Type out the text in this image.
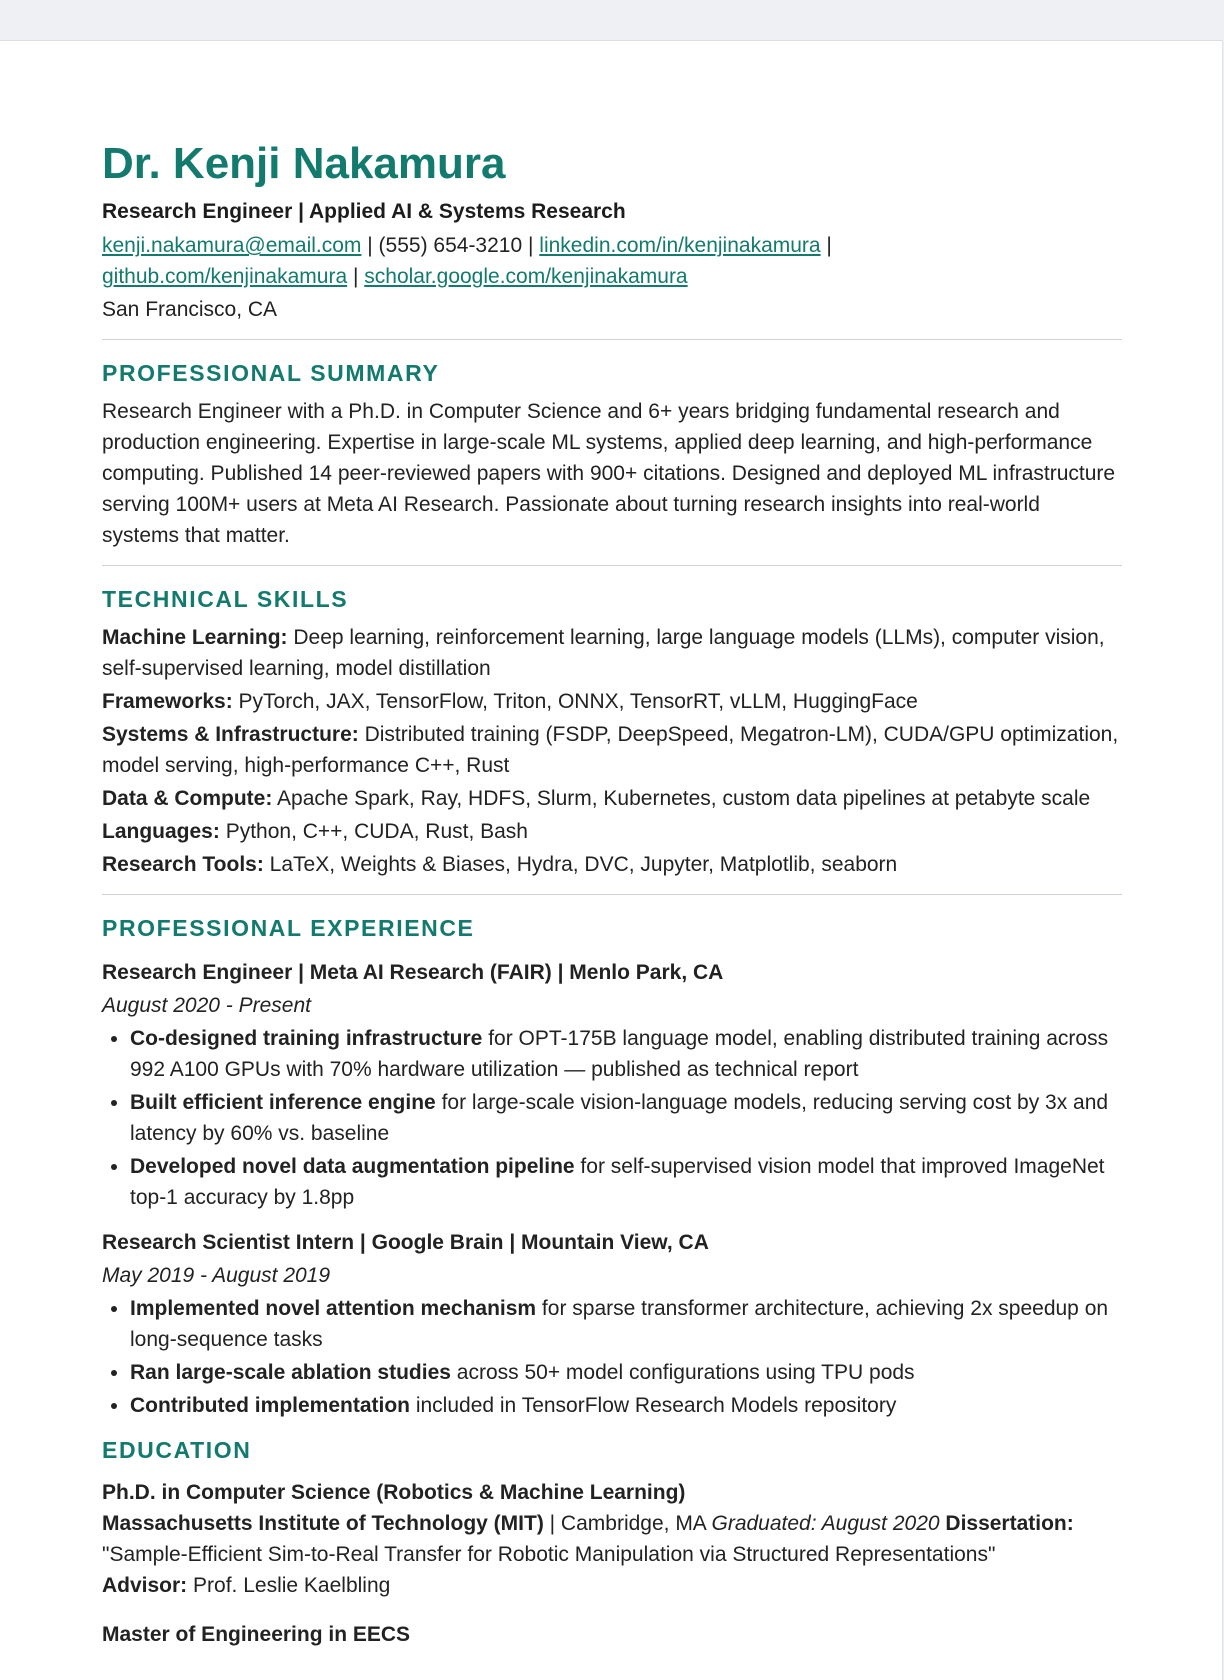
Dr. Kenji Nakamura
Research Engineer | Applied AI & Systems Research
kenji.nakamura@email.com | (555) 654-3210 | linkedin.com/in/kenjinakamura |
github.com/kenjinakamura | scholar.google.com/kenjinakamura
San Francisco, CA
PROFESSIONAL SUMMARY
Research Engineer with a Ph.D. in Computer Science and 6+ years bridging fundamental research and production engineering. Expertise in large-scale ML systems, applied deep learning, and high-performance computing. Published 14 peer-reviewed papers with 900+ citations. Designed and deployed ML infrastructure serving 100M+ users at Meta AI Research. Passionate about turning research insights into real-world systems that matter.
TECHNICAL SKILLS
Machine Learning: Deep learning, reinforcement learning, large language models (LLMs), computer vision, self-supervised learning, model distillation
Frameworks: PyTorch, JAX, TensorFlow, Triton, ONNX, TensorRT, vLLM, HuggingFace
Systems & Infrastructure: Distributed training (FSDP, DeepSpeed, Megatron-LM), CUDA/GPU optimization, model serving, high-performance C++, Rust
Data & Compute: Apache Spark, Ray, HDFS, Slurm, Kubernetes, custom data pipelines at petabyte scale
Languages: Python, C++, CUDA, Rust, Bash
Research Tools: LaTeX, Weights & Biases, Hydra, DVC, Jupyter, Matplotlib, seaborn
PROFESSIONAL EXPERIENCE
Research Engineer | Meta AI Research (FAIR) | Menlo Park, CA
August 2020 - Present
• Co-designed training infrastructure for OPT-175B language model, enabling distributed training across 992 A100 GPUs with 70% hardware utilization — published as technical report
• Built efficient inference engine for large-scale vision-language models, reducing serving cost by 3x and latency by 60% vs. baseline
• Developed novel data augmentation pipeline for self-supervised vision model that improved ImageNet top-1 accuracy by 1.8pp
Research Scientist Intern | Google Brain | Mountain View, CA
May 2019 - August 2019
• Implemented novel attention mechanism for sparse transformer architecture, achieving 2x speedup on long-sequence tasks
• Ran large-scale ablation studies across 50+ model configurations using TPU pods
• Contributed implementation included in TensorFlow Research Models repository
EDUCATION
Ph.D. in Computer Science (Robotics & Machine Learning)
Massachusetts Institute of Technology (MIT) | Cambridge, MA Graduated: August 2020 Dissertation: "Sample-Efficient Sim-to-Real Transfer for Robotic Manipulation via Structured Representations"
Advisor: Prof. Leslie Kaelbling
Master of Engineering in EECS
